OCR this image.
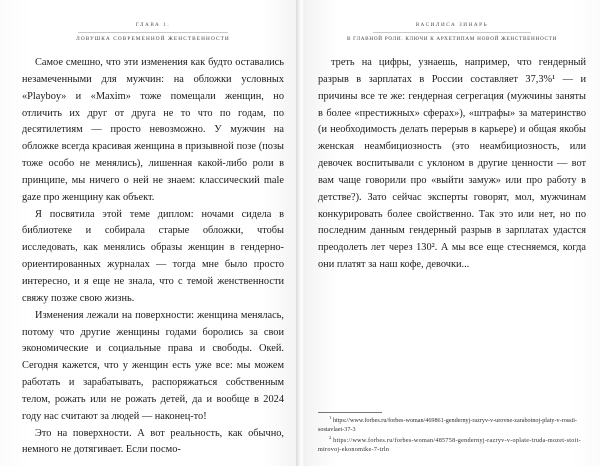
ГЛАВА 1.
ЛОВУШКА СОВРЕМЕННОЙ ЖЕНСТВЕННОСТИ

Самое смешно, что эти изменения как будто оставались незамеченными для мужчин: на обложки условных «Playboy» и «Maxim» тоже помещали женщин, но отличить их друг от друга не то что по годам, по десятилетиям — просто невозможно. У мужчин на обложке всегда красивая женщина в призывной позе (позы тоже особо не менялись), лишенная какой-либо роли в принципе, мы ничего о ней не знаем: классический male gaze про женщину как объект.

Я посвятила этой теме диплом: ночами сидела в библиотеке и собирала старые обложки, чтобы исследовать, как менялись образы женщин в гендерно-ориентированных журналах — тогда мне было просто интересно, и я еще не знала, что с темой женственности свяжу позже свою жизнь.

Изменения лежали на поверхности: женщина менялась, потому что другие женщины годами боролись за свои экономические и социальные права и свободы. Окей. Сегодня кажется, что у женщин есть уже все: мы можем работать и зарабатывать, распоряжаться собственным телом, рожать или не рожать детей, да и вообще в 2024 году нас считают за людей — наконец-то!

Это на поверхности. А вот реальность, как обычно, немного не дотягивает. Если посмо-

ВАСИЛИСА ЗИНАРЬ
В ГЛАВНОЙ РОЛИ. КЛЮЧИ К АРХЕТИПАМ НОВОЙ ЖЕНСТВЕННОСТИ

треть на цифры, узнаешь, например, что гендерный разрыв в зарплатах в России составляет 37,3%¹ — и причины все те же: гендерная сегрегация (мужчины заняты в более «престижных» сферах»), «штрафы» за материнство (и необходимость делать перерыв в карьере) и общая якобы женская неамбициозность (это неамбициозность, или девочек воспитывали с уклоном в другие ценности — вот вам чаще говорили про «выйти замуж» или про работу в детстве?). Зато сейчас эксперты говорят, мол, мужчинам конкурировать более свойственно. Так это или нет, но по последним данным гендерный разрыв в зарплатах удастся преодолеть лет через 130². А мы все еще стесняемся, когда они платят за наш кофе, девочки...

$^1$https://www.forbes.ru/forbes-woman/469861-gendernyj-razryv-v-urovne-zarabotnoj-platy-v-rossii-sostavlaet-37-3

$^2$https://www.forbes.ru/forbes-woman/485758-gendernyj-razryv-v-oplate-truda-mozet-stoit-mirovoj-ekonomike-7-trln
